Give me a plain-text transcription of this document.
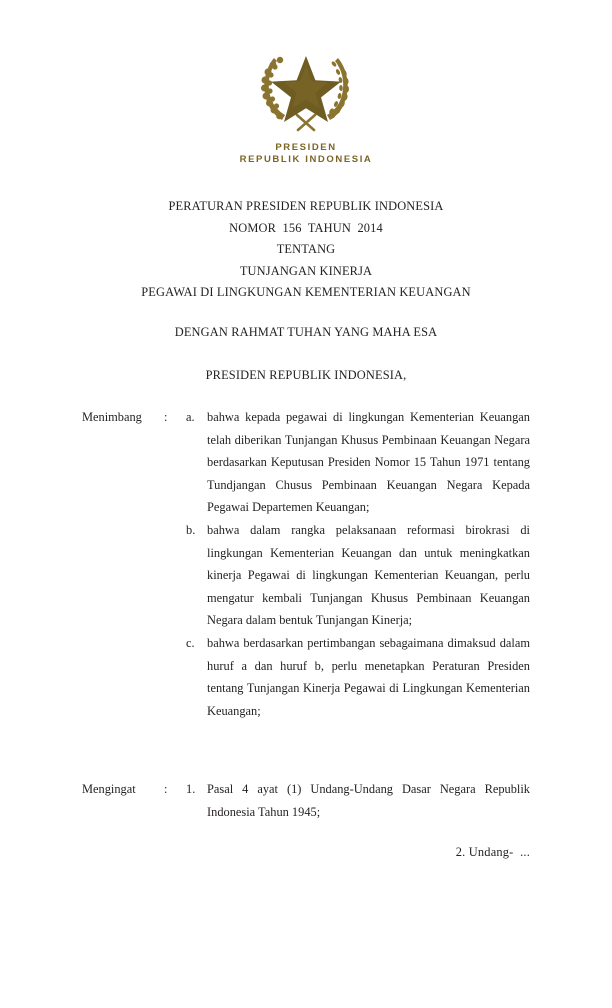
PRESIDEN
REPUBLIK INDONESIA
PERATURAN PRESIDEN REPUBLIK INDONESIA
NOMOR  156  TAHUN  2014
TENTANG
TUNJANGAN KINERJA
PEGAWAI DI LINGKUNGAN KEMENTERIAN KEUANGAN
DENGAN RAHMAT TUHAN YANG MAHA ESA
PRESIDEN REPUBLIK INDONESIA,
Menimbang	:	a. bahwa kepada pegawai di lingkungan Kementerian Keuangan telah diberikan Tunjangan Khusus Pembinaan Keuangan Negara berdasarkan Keputusan Presiden Nomor 15 Tahun 1971 tentang Tundjangan Chusus Pembinaan Keuangan Negara Kepada Pegawai Departemen Keuangan;
b. bahwa dalam rangka pelaksanaan reformasi birokrasi di lingkungan Kementerian Keuangan dan untuk meningkatkan kinerja Pegawai di lingkungan Kementerian Keuangan, perlu mengatur kembali Tunjangan Khusus Pembinaan Keuangan Negara dalam bentuk Tunjangan Kinerja;
c. bahwa berdasarkan pertimbangan sebagaimana dimaksud dalam huruf a dan huruf b, perlu menetapkan Peraturan Presiden tentang Tunjangan Kinerja Pegawai di Lingkungan Kementerian Keuangan;
Mengingat	:	1. Pasal 4 ayat (1) Undang-Undang Dasar Negara Republik Indonesia Tahun 1945;
2. Undang-  ...
